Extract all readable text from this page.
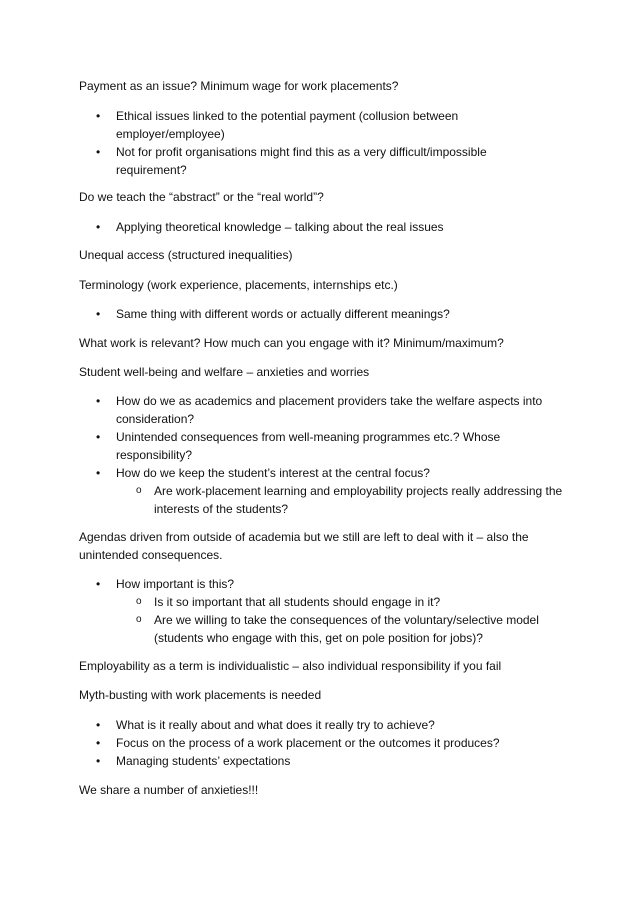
Payment as an issue? Minimum wage for work placements?

• Ethical issues linked to the potential payment (collusion between employer/employee)
• Not for profit organisations might find this as a very difficult/impossible requirement?

Do we teach the “abstract” or the “real world”?

• Applying theoretical knowledge – talking about the real issues

Unequal access (structured inequalities)

Terminology (work experience, placements, internships etc.)

• Same thing with different words or actually different meanings?

What work is relevant? How much can you engage with it? Minimum/maximum?

Student well-being and welfare – anxieties and worries

• How do we as academics and placement providers take the welfare aspects into consideration?
• Unintended consequences from well-meaning programmes etc.? Whose responsibility?
• How do we keep the student’s interest at the central focus?
o Are work-placement learning and employability projects really addressing the interests of the students?

Agendas driven from outside of academia but we still are left to deal with it – also the unintended consequences.

• How important is this?
o Is it so important that all students should engage in it?
o Are we willing to take the consequences of the voluntary/selective model (students who engage with this, get on pole position for jobs)?

Employability as a term is individualistic – also individual responsibility if you fail

Myth-busting with work placements is needed

• What is it really about and what does it really try to achieve?
• Focus on the process of a work placement or the outcomes it produces?
• Managing students’ expectations

We share a number of anxieties!!!
